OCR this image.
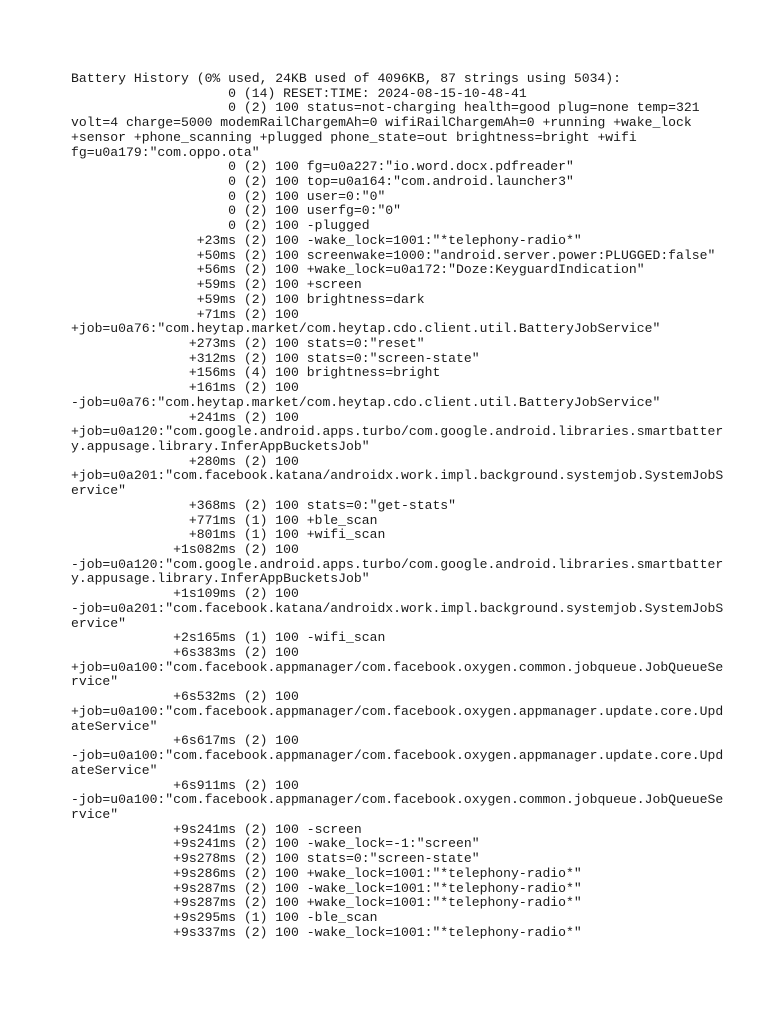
Battery History (0% used, 24KB used of 4096KB, 87 strings using 5034):
0 (14) RESET:TIME: 2024-08-15-10-48-41
0 (2) 100 status=not-charging health=good plug=none temp=321
volt=4 charge=5000 modemRailChargemAh=0 wifiRailChargemAh=0 +running +wake_lock
+sensor +phone_scanning +plugged phone_state=out brightness=bright +wifi
fg=u0a179:"com.oppo.ota"
0 (2) 100 fg=u0a227:"io.word.docx.pdfreader"
0 (2) 100 top=u0a164:"com.android.launcher3"
0 (2) 100 user=0:"0"
0 (2) 100 userfg=0:"0"
0 (2) 100 -plugged
+23ms (2) 100 -wake_lock=1001:"*telephony-radio*"
+50ms (2) 100 screenwake=1000:"android.server.power:PLUGGED:false"
+56ms (2) 100 +wake_lock=u0a172:"Doze:KeyguardIndication"
+59ms (2) 100 +screen
+59ms (2) 100 brightness=dark
+71ms (2) 100
+job=u0a76:"com.heytap.market/com.heytap.cdo.client.util.BatteryJobService"
+273ms (2) 100 stats=0:"reset"
+312ms (2) 100 stats=0:"screen-state"
+156ms (4) 100 brightness=bright
+161ms (2) 100
-job=u0a76:"com.heytap.market/com.heytap.cdo.client.util.BatteryJobService"
+241ms (2) 100
+job=u0a120:"com.google.android.apps.turbo/com.google.android.libraries.smartbatter
y.appusage.library.InferAppBucketsJob"
+280ms (2) 100
+job=u0a201:"com.facebook.katana/androidx.work.impl.background.systemjob.SystemJobS
ervice"
+368ms (2) 100 stats=0:"get-stats"
+771ms (1) 100 +ble_scan
+801ms (1) 100 +wifi_scan
+1s082ms (2) 100
-job=u0a120:"com.google.android.apps.turbo/com.google.android.libraries.smartbatter
y.appusage.library.InferAppBucketsJob"
+1s109ms (2) 100
-job=u0a201:"com.facebook.katana/androidx.work.impl.background.systemjob.SystemJobS
ervice"
+2s165ms (1) 100 -wifi_scan
+6s383ms (2) 100
+job=u0a100:"com.facebook.appmanager/com.facebook.oxygen.common.jobqueue.JobQueueSe
rvice"
+6s532ms (2) 100
+job=u0a100:"com.facebook.appmanager/com.facebook.oxygen.appmanager.update.core.Upd
ateService"
+6s617ms (2) 100
-job=u0a100:"com.facebook.appmanager/com.facebook.oxygen.appmanager.update.core.Upd
ateService"
+6s911ms (2) 100
-job=u0a100:"com.facebook.appmanager/com.facebook.oxygen.common.jobqueue.JobQueueSe
rvice"
+9s241ms (2) 100 -screen
+9s241ms (2) 100 -wake_lock=-1:"screen"
+9s278ms (2) 100 stats=0:"screen-state"
+9s286ms (2) 100 +wake_lock=1001:"*telephony-radio*"
+9s287ms (2) 100 -wake_lock=1001:"*telephony-radio*"
+9s287ms (2) 100 +wake_lock=1001:"*telephony-radio*"
+9s295ms (1) 100 -ble_scan
+9s337ms (2) 100 -wake_lock=1001:"*telephony-radio*"
